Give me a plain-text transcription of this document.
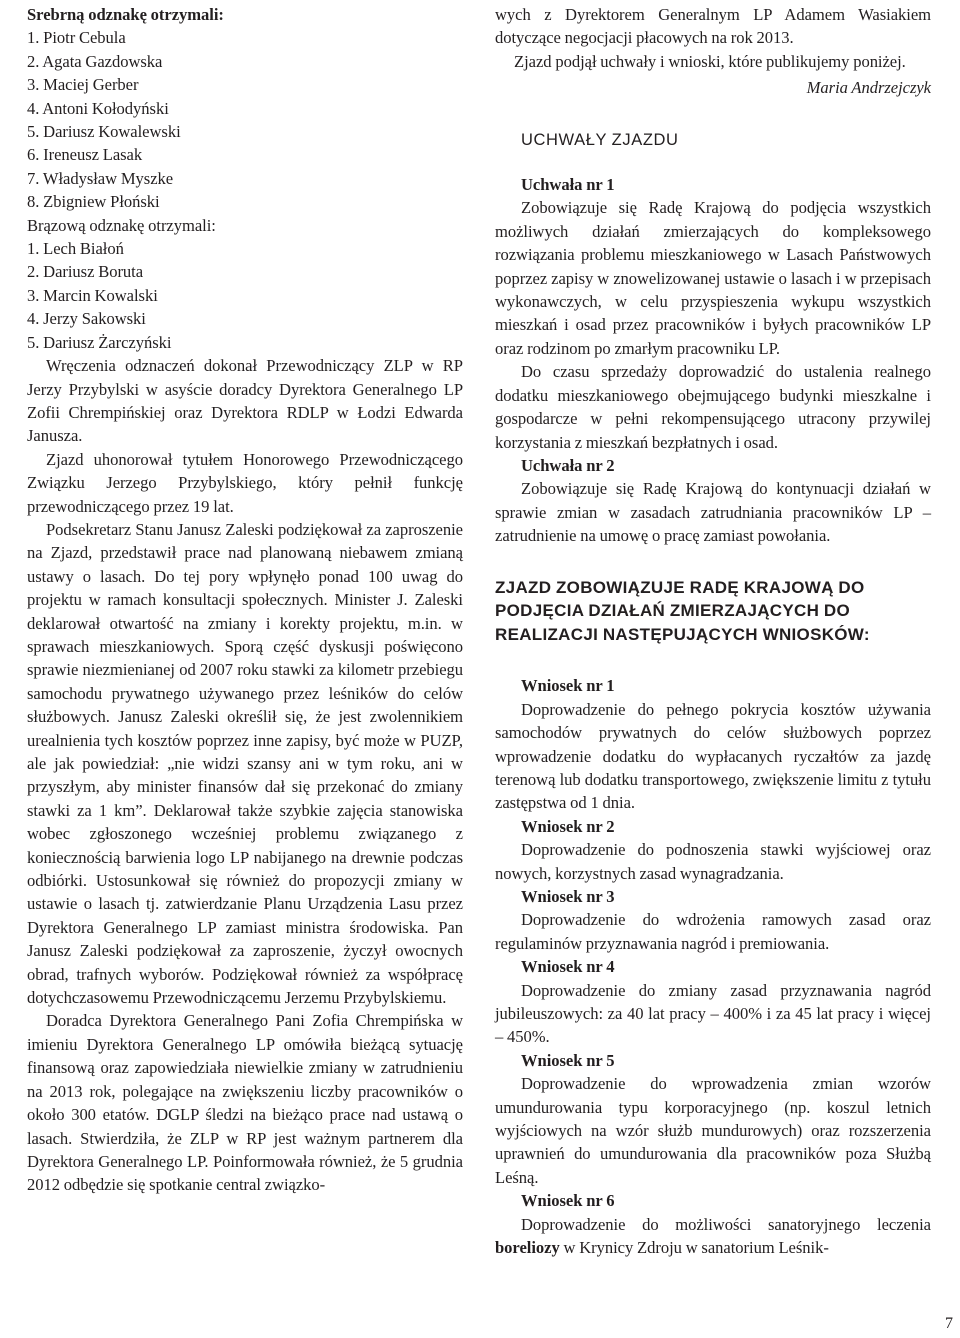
Srebrną odznakę otrzymali:
1. Piotr Cebula
2. Agata Gazdowska
3. Maciej Gerber
4. Antoni Kołodyński
5. Dariusz Kowalewski
6. Ireneusz Lasak
7. Władysław Myszke
8. Zbigniew Płoński
Brązową odznakę otrzymali:
1. Lech Białoń
2. Dariusz Boruta
3. Marcin Kowalski
4. Jerzy Sakowski
5. Dariusz Żarczyński

Wręczenia odznaczeń dokonał Przewodniczący ZLP w RP Jerzy Przybylski w asyście doradcy Dyrektora Generalnego LP Zofii Chrempińskiej oraz Dyrektora RDLP w Łodzi Edwarda Janusza.

Zjazd uhonorował tytułem Honorowego Przewodniczącego Związku Jerzego Przybylskiego, który pełnił funkcję przewodniczącego przez 19 lat.

Podsekretarz Stanu Janusz Zaleski podziękował za zaproszenie na Zjazd, przedstawił prace nad planowaną niebawem zmianą ustawy o lasach. Do tej pory wpłynęło ponad 100 uwag do projektu w ramach konsultacji społecznych. Minister J. Zaleski deklarował otwartość na zmiany i korekty projektu, m.in. w sprawach mieszkaniowych. Sporą część dyskusji poświęcono sprawie niezmienianej od 2007 roku stawki za kilometr przebiegu samochodu prywatnego używanego przez leśników do celów służbowych. Janusz Zaleski określił się, że jest zwolennikiem urealnienia tych kosztów poprzez inne zapisy, być może w PUZP, ale jak powiedział: „nie widzi szansy ani w tym roku, ani w przyszłym, aby minister finansów dał się przekonać do zmiany stawki za 1 km”. Deklarował także szybkie zajęcia stanowiska wobec zgłoszonego wcześniej problemu związanego z koniecznością barwienia logo LP nabijanego na drewnie podczas odbiórki. Ustosunkował się również do propozycji zmiany w ustawie o lasach tj. zatwierdzanie Planu Urządzenia Lasu przez Dyrektora Generalnego LP zamiast ministra środowiska. Pan Janusz Zaleski podziękował za zaproszenie, życzył owocnych obrad, trafnych wyborów. Podziękował również za współpracę dotychczasowemu Przewodniczącemu Jerzemu Przybylskiemu.

Doradca Dyrektora Generalnego Pani Zofia Chrempińska w imieniu Dyrektora Generalnego LP omówiła bieżącą sytuację finansową oraz zapowiedziała niewielkie zmiany w zatrudnieniu na 2013 rok, polegające na zwiększeniu liczby pracowników o około 300 etatów. DGLP śledzi na bieżąco prace nad ustawą o lasach. Stwierdziła, że ZLP w RP jest ważnym partnerem dla Dyrektora Generalnego LP. Poinformowała również, że 5 grudnia 2012 odbędzie się spotkanie central związko-

wych z Dyrektorem Generalnym LP Adamem Wasiakiem dotyczące negocjacji płacowych na rok 2013.

Zjazd podjął uchwały i wnioski, które publikujemy poniżej.

Maria Andrzejczyk
UCHWAŁY ZJAZDU
Uchwała nr 1

Zobowiązuje się Radę Krajową do podjęcia wszystkich możliwych działań zmierzających do kompleksowego rozwiązania problemu mieszkaniowego w Lasach Państwowych poprzez zapisy w znowelizowanej ustawie o lasach i w przepisach wykonawczych, w celu przyspieszenia wykupu wszystkich mieszkań i osad przez pracowników i byłych pracowników LP oraz rodzinom po zmarłym pracowniku LP.

Do czasu sprzedaży doprowadzić do ustalenia realnego dodatku mieszkaniowego obejmującego budynki mieszkalne i gospodarcze w pełni rekompensującego utracony przywilej korzystania z mieszkań bezpłatnych i osad.

Uchwała nr 2

Zobowiązuje się Radę Krajową do kontynuacji działań w sprawie zmian w zasadach zatrudniania pracowników LP – zatrudnienie na umowę o pracę zamiast powołania.

ZJAZD ZOBOWIĄZUJE RADĘ KRAJOWĄ DO PODJĘCIA DZIAŁAŃ ZMIERZAJĄCYCH DO REALIZACJI NASTĘPUJĄCYCH WNIOSKÓW:
Wniosek nr 1

Doprowadzenie do pełnego pokrycia kosztów używania samochodów prywatnych do celów służbowych poprzez wprowadzenie dodatku do wypłacanych ryczałtów za jazdę terenową lub dodatku transportowego, zwiększenie limitu z tytułu zastępstwa od 1 dnia.

Wniosek nr 2

Doprowadzenie do podnoszenia stawki wyjściowej oraz nowych, korzystnych zasad wynagradzania.

Wniosek nr 3

Doprowadzenie do wdrożenia ramowych zasad oraz regulaminów przyznawania nagród i premiowania.

Wniosek nr 4

Doprowadzenie do zmiany zasad przyznawania nagród jubileuszowych: za 40 lat pracy – 400% i za 45 lat pracy i więcej – 450%.

Wniosek nr 5

Doprowadzenie do wprowadzenia zmian wzorów umundurowania typu korporacyjnego (np. koszul letnich wyjściowych na wzór służb mundurowych) oraz rozszerzenia uprawnień do umundurowania dla pracowników poza Służbą Leśną.

Wniosek nr 6

Doprowadzenie do możliwości sanatoryjnego leczenia boreliozy w Krynicy Zdroju w sanatorium Leśnik-

7
